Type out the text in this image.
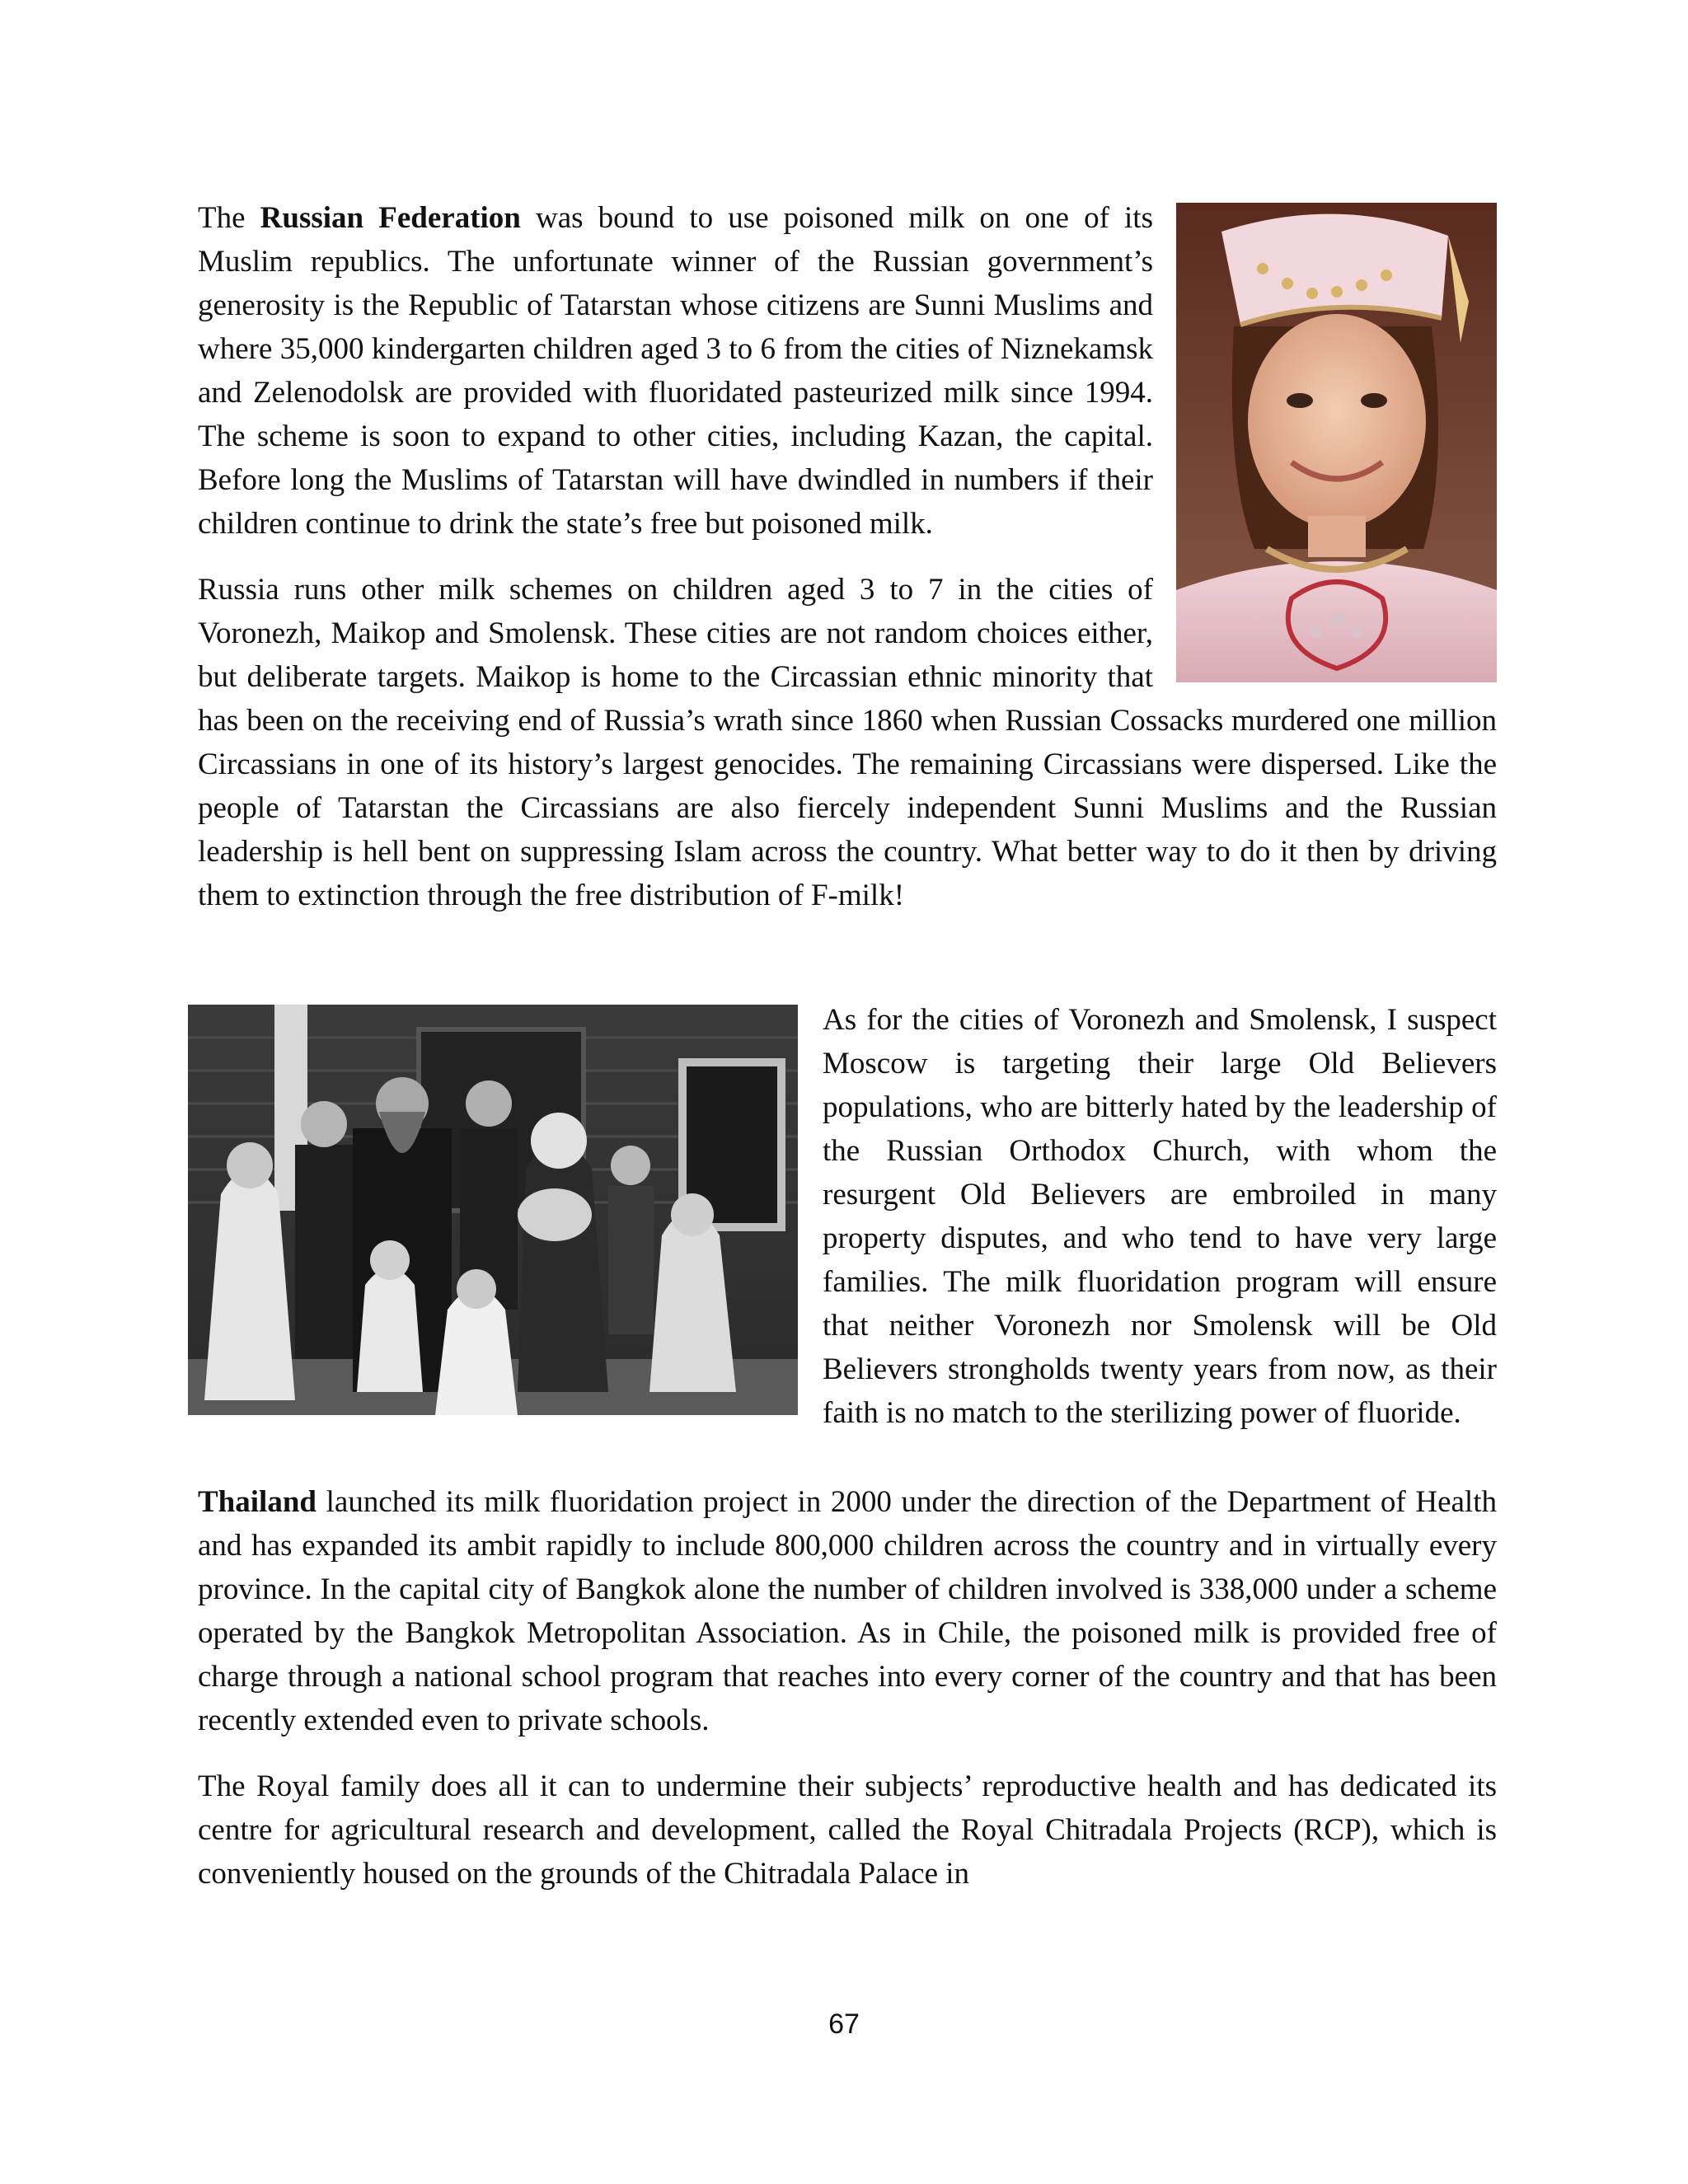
The Russian Federation was bound to use poisoned milk on one of its Muslim republics. The unfortunate winner of the Russian government’s generosity is the Republic of Tatarstan whose citizens are Sunni Muslims and where 35,000 kindergarten children aged 3 to 6 from the cities of Niznekamsk and Zelenodolsk are provided with fluoridated pasteurized milk since 1994. The scheme is soon to expand to other cities, including Kazan, the capital. Before long the Muslims of Tatarstan will have dwindled in numbers if their children continue to drink the state’s free but poisoned milk.

Russia runs other milk schemes on children aged 3 to 7 in the cities of Voronezh, Maikop and Smolensk. These cities are not random choices either, but deliberate targets. Maikop is home to the Circassian ethnic minority that has been on the receiving end of Russia’s wrath since 1860 when Russian Cossacks murdered one million Circassians in one of its history’s largest genocides. The remaining Circassians were dispersed. Like the people of Tatarstan the Circassians are also fiercely independent Sunni Muslims and the Russian leadership is hell bent on suppressing Islam across the country. What better way to do it then by driving them to extinction through the free distribution of F-milk!

As for the cities of Voronezh and Smolensk, I suspect Moscow is targeting their large Old Believers populations, who are bitterly hated by the leadership of the Russian Orthodox Church, with whom the resurgent Old Believers are embroiled in many property disputes, and who tend to have very large families. The milk fluoridation program will ensure that neither Voronezh nor Smolensk will be Old Believers strongholds twenty years from now, as their faith is no match to the sterilizing power of fluoride.

Thailand launched its milk fluoridation project in 2000 under the direction of the Department of Health and has expanded its ambit rapidly to include 800,000 children across the country and in virtually every province. In the capital city of Bangkok alone the number of children involved is 338,000 under a scheme operated by the Bangkok Metropolitan Association. As in Chile, the poisoned milk is provided free of charge through a national school program that reaches into every corner of the country and that has been recently extended even to private schools.

The Royal family does all it can to undermine their subjects’ reproductive health and has dedicated its centre for agricultural research and development, called the Royal Chitradala Projects (RCP), which is conveniently housed on the grounds of the Chitradala Palace in

67
